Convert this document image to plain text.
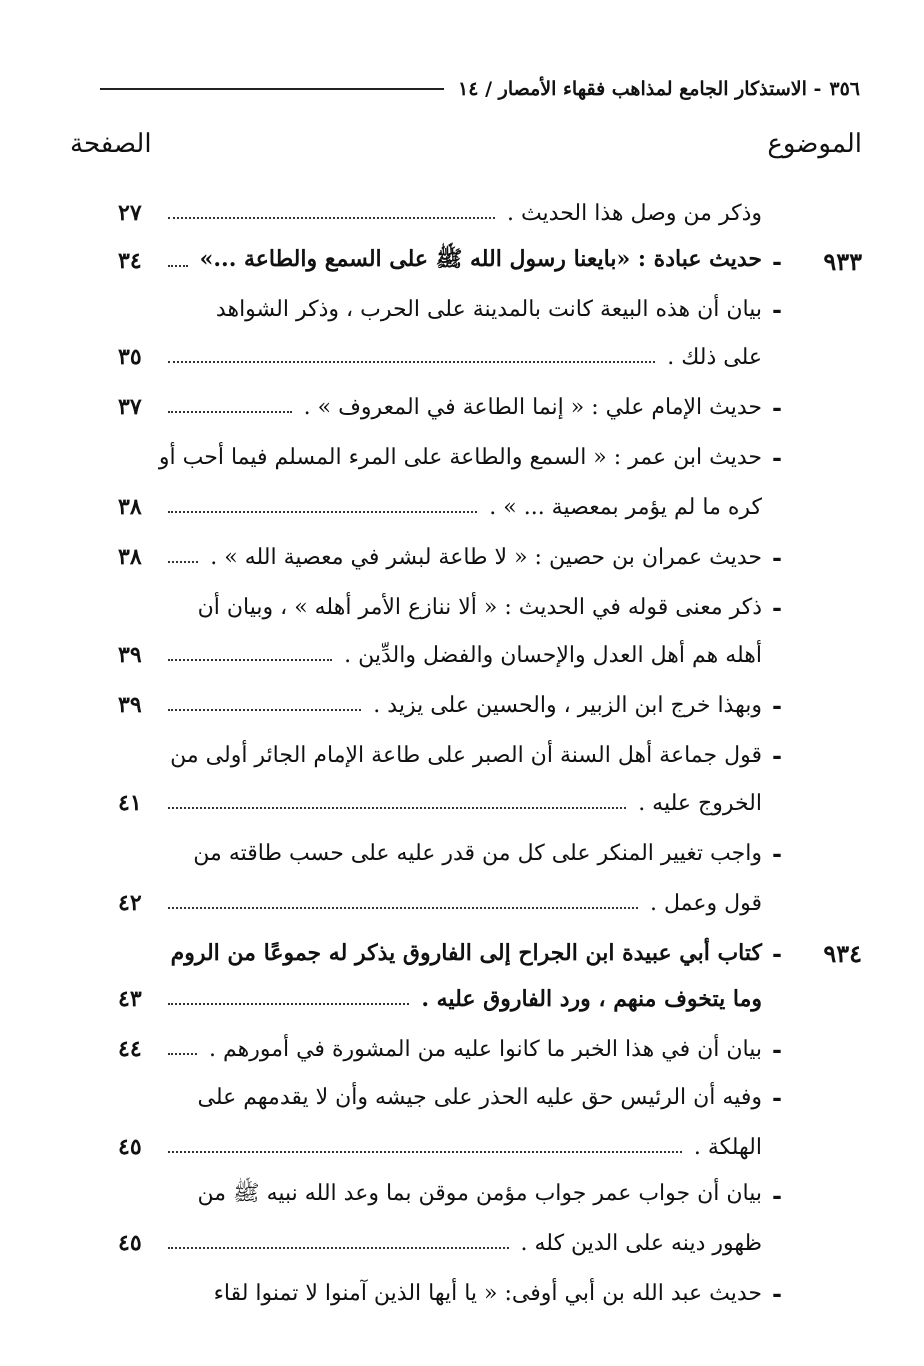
٣٥٦
- الاستذكار الجامع لمذاهب فقهاء الأمصار / ١٤
الموضوع
الصفحة
وذكر من وصل هذا الحديث .
٢٧
٩٣٣
-
حديث عبادة : «بايعنا رسول الله ﷺ على السمع والطاعة ...»
٣٤
-
بيان أن هذه البيعة كانت بالمدينة على الحرب ، وذكر الشواهد
على ذلك .
٣٥
-
حديث الإمام علي : « إنما الطاعة في المعروف » .
٣٧
-
حديث ابن عمر : « السمع والطاعة على المرء المسلم فيما أحب أو
كره ما لم يؤمر بمعصية ... » .
٣٨
-
حديث عمران بن حصين : « لا طاعة لبشر في معصية الله » .
٣٨
-
ذكر معنى قوله في الحديث : « ألا ننازع الأمر أهله » ، وبيان أن
أهله هم أهل العدل والإحسان والفضل والدِّين .
٣٩
-
وبهذا خرج ابن الزبير ، والحسين على يزيد .
٣٩
-
قول جماعة أهل السنة أن الصبر على طاعة الإمام الجائر أولى من
الخروج عليه .
٤١
-
واجب تغيير المنكر على كل من قدر عليه على حسب طاقته من
قول وعمل .
٤٢
٩٣٤
-
كتاب أبي عبيدة ابن الجراح إلى الفاروق يذكر له جموعًا من الروم
وما يتخوف منهم ، ورد الفاروق عليه .
٤٣
-
بيان أن في هذا الخبر ما كانوا عليه من المشورة في أمورهم .
٤٤
-
وفيه أن الرئيس حق عليه الحذر على جيشه وأن لا يقدمهم على
الهلكة .
٤٥
-
بيان أن جواب عمر جواب مؤمن موقن بما وعد الله نبيه ﷺ من
ظهور دينه على الدين كله .
٤٥
-
حديث عبد الله بن أبي أوفى: « يا أيها الذين آمنوا لا تمنوا لقاء
